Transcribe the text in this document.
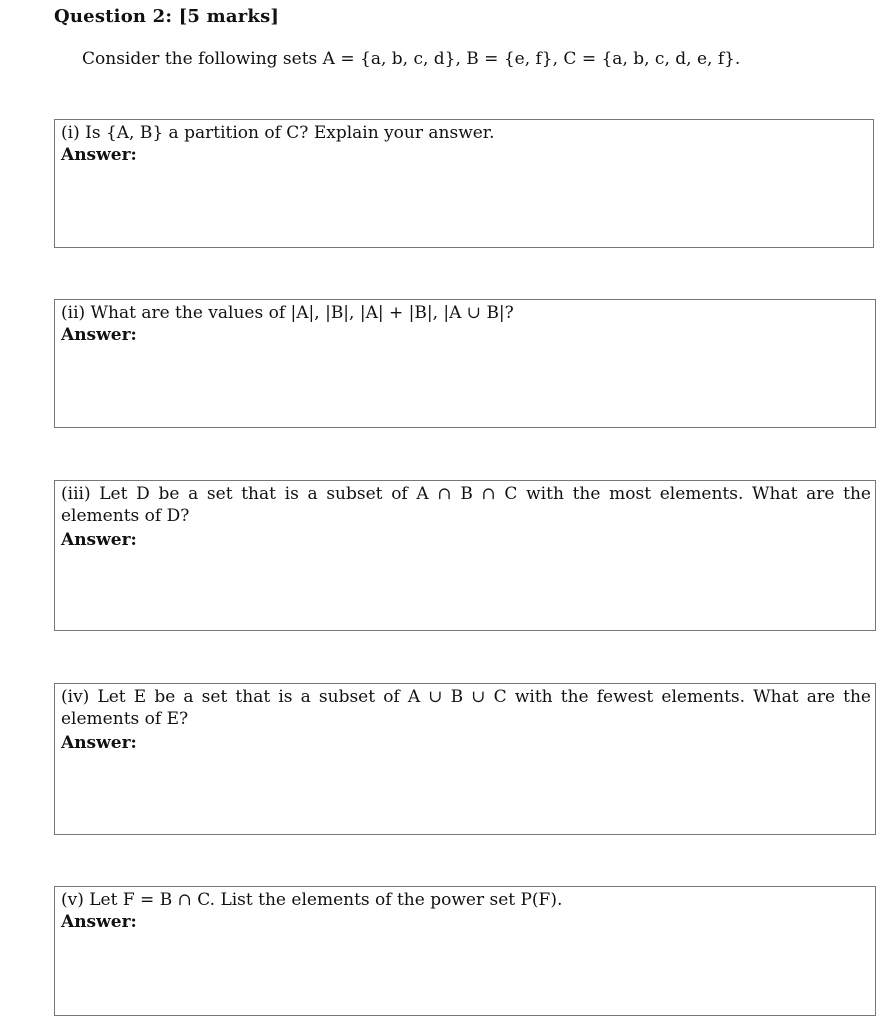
Question 2: [5 marks]
Consider the following sets A = {a, b, c, d}, B = {e, f}, C = {a, b, c, d, e, f}.
(i) Is {A, B} a partition of C? Explain your answer.
Answer:
(ii) What are the values of |A|, |B|, |A| + |B|, |A ∪ B|?
Answer:
(iii) Let D be a set that is a subset of A ∩ B ∩ C with the most elements. What are the elements of D?
Answer:
(iv) Let E be a set that is a subset of A ∪ B ∪ C with the fewest elements. What are the elements of E?
Answer:
(v) Let F = B ∩ C. List the elements of the power set P(F).
Answer:
